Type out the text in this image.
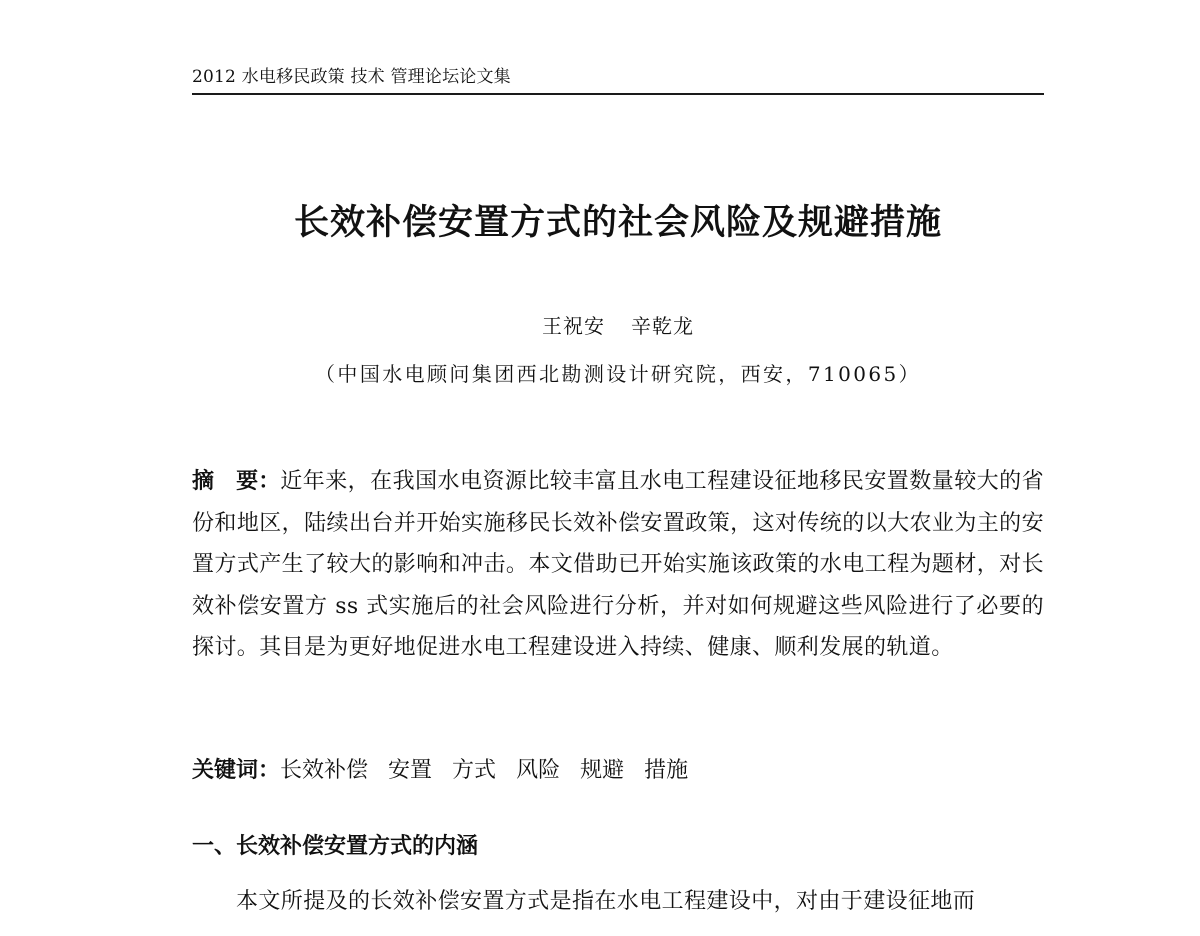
2012 水电移民政策 技术 管理论坛论文集
长效补偿安置方式的社会风险及规避措施
王祝安 辛乾龙
（中国水电顾问集团西北勘测设计研究院，西安，710065）
摘 要：近年来，在我国水电资源比较丰富且水电工程建设征地移民安置数量较大的省份和地区，陆续出台并开始实施移民长效补偿安置政策，这对传统的以大农业为主的安置方式产生了较大的影响和冲击。本文借助已开始实施该政策的水电工程为题材，对长效补偿安置方 ss 式实施后的社会风险进行分析，并对如何规避这些风险进行了必要的探讨。其目是为更好地促进水电工程建设进入持续、健康、顺利发展的轨道。
关键词：长效补偿 安置 方式 风险 规避 措施
一、长效补偿安置方式的内涵
本文所提及的长效补偿安置方式是指在水电工程建设中，对由于建设征地而
